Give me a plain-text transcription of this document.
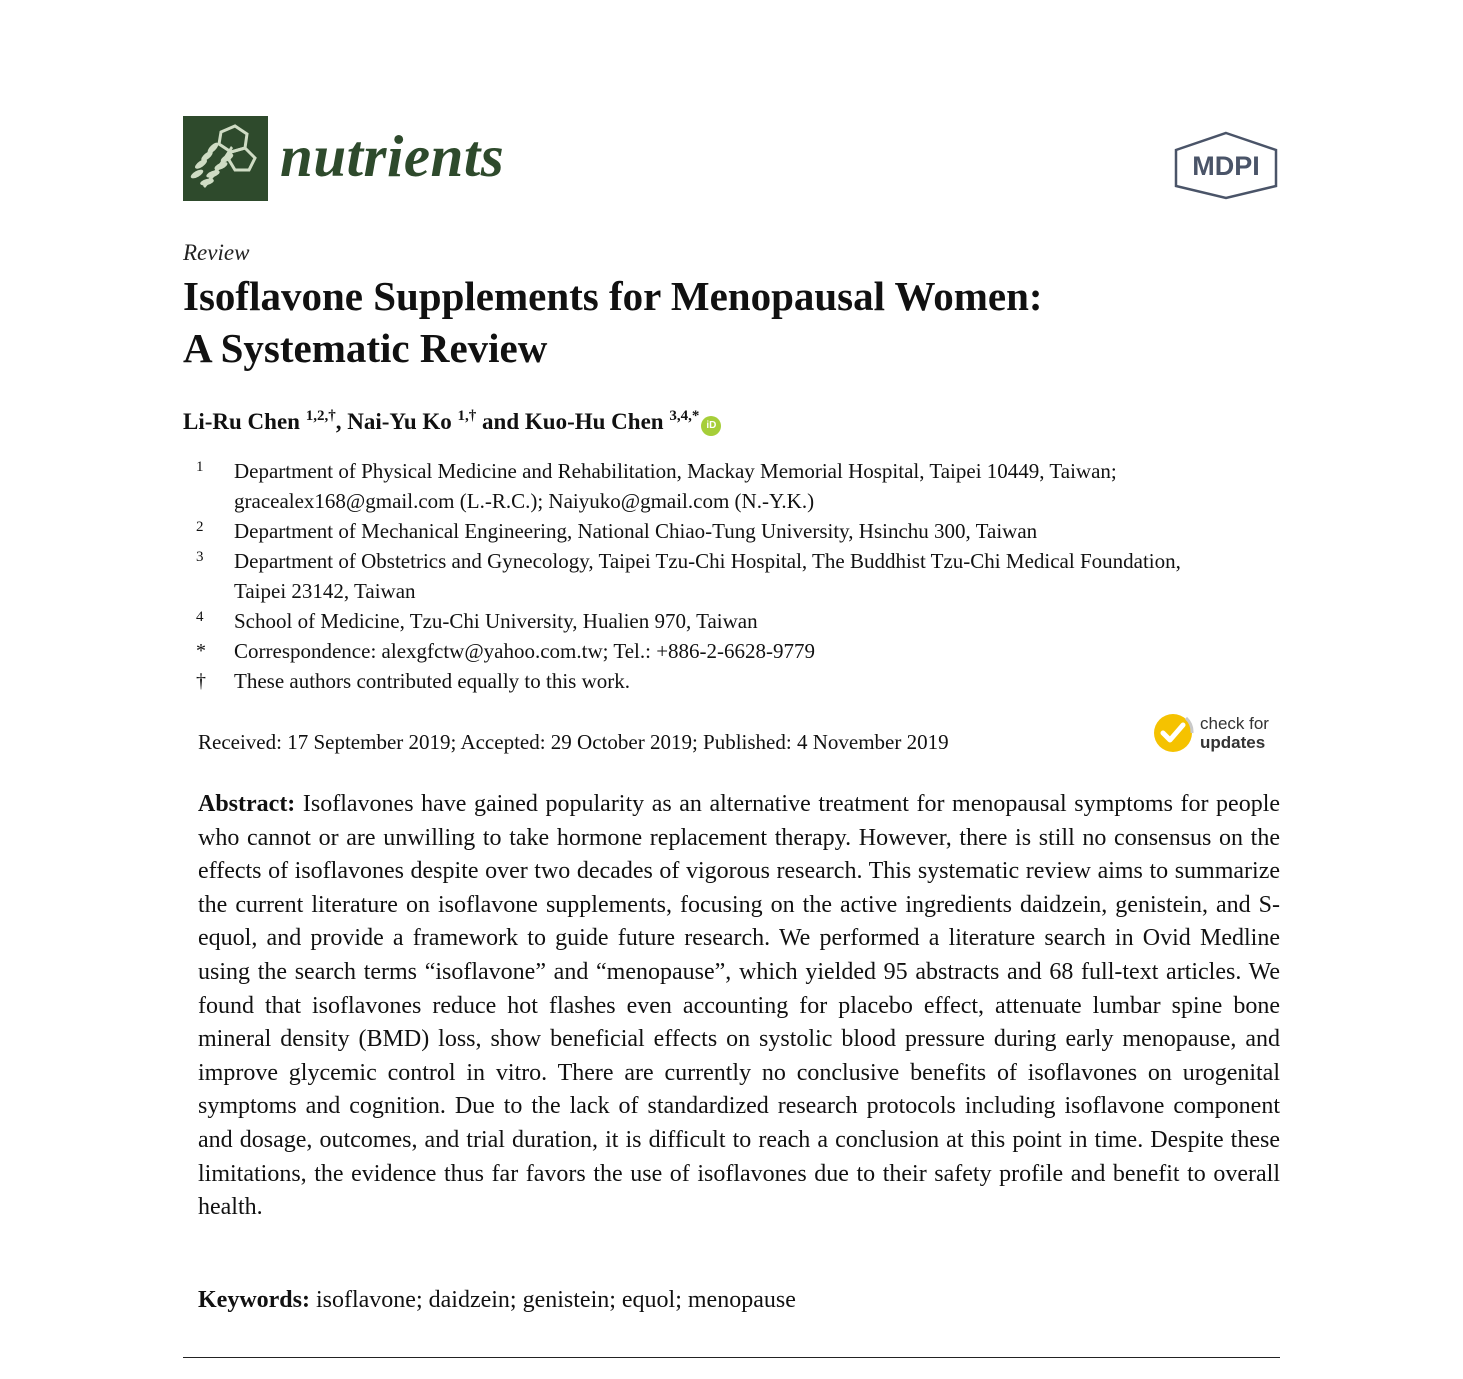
nutrients	MDPI
Review
Isoflavone Supplements for Menopausal Women:
A Systematic Review
Li-Ru Chen $^{1,2,\dagger}$, Nai-Yu Ko $^{1,\dagger}$ and Kuo-Hu Chen $^{3,4,*}$iD
1	Department of Physical Medicine and Rehabilitation, Mackay Memorial Hospital, Taipei 10449, Taiwan; gracealex168@gmail.com (L.-R.C.); Naiyuko@gmail.com (N.-Y.K.)
2	Department of Mechanical Engineering, National Chiao-Tung University, Hsinchu 300, Taiwan
3	Department of Obstetrics and Gynecology, Taipei Tzu-Chi Hospital, The Buddhist Tzu-Chi Medical Foundation, Taipei 23142, Taiwan
4	School of Medicine, Tzu-Chi University, Hualien 970, Taiwan
*	Correspondence: alexgfctw@yahoo.com.tw; Tel.: +886-2-6628-9779
†	These authors contributed equally to this work.
Received: 17 September 2019; Accepted: 29 October 2019; Published: 4 November 2019
check for
updates
Abstract: Isoflavones have gained popularity as an alternative treatment for menopausal symptoms for people who cannot or are unwilling to take hormone replacement therapy. However, there is still no consensus on the effects of isoflavones despite over two decades of vigorous research. This systematic review aims to summarize the current literature on isoflavone supplements, focusing on the active ingredients daidzein, genistein, and S-equol, and provide a framework to guide future research. We performed a literature search in Ovid Medline using the search terms “isoflavone” and “menopause”, which yielded 95 abstracts and 68 full-text articles. We found that isoflavones reduce hot flashes even accounting for placebo effect, attenuate lumbar spine bone mineral density (BMD) loss, show beneficial effects on systolic blood pressure during early menopause, and improve glycemic control in vitro. There are currently no conclusive benefits of isoflavones on urogenital symptoms and cognition. Due to the lack of standardized research protocols including isoflavone component and dosage, outcomes, and trial duration, it is difficult to reach a conclusion at this point in time. Despite these limitations, the evidence thus far favors the use of isoflavones due to their safety profile and benefit to overall health.
Keywords: isoflavone; daidzein; genistein; equol; menopause
